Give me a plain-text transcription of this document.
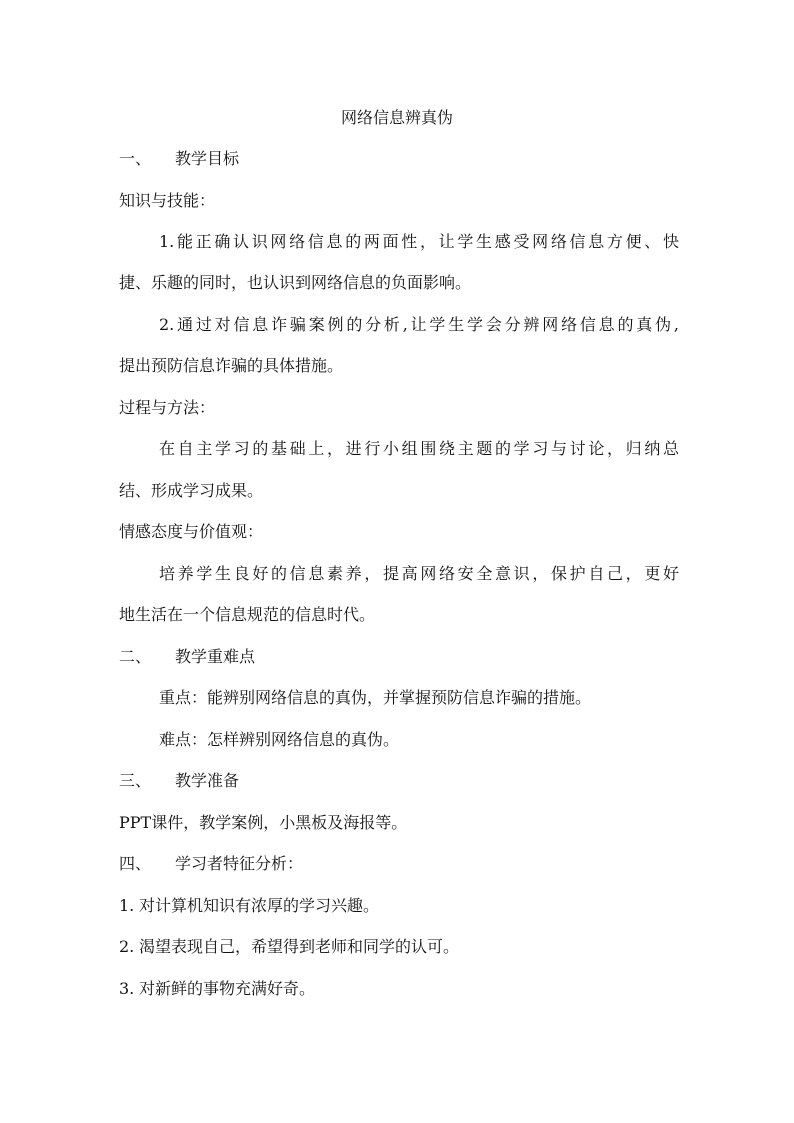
网络信息辨真伪
一、 教学目标
知识与技能：
1.能正确认识网络信息的两面性，让学生感受网络信息方便、快
捷、乐趣的同时，也认识到网络信息的负面影响。
2.通过对信息诈骗案例的分析,让学生学会分辨网络信息的真伪,
提出预防信息诈骗的具体措施。
过程与方法：
在自主学习的基础上，进行小组围绕主题的学习与讨论，归纳总
结、形成学习成果。
情感态度与价值观：
培养学生良好的信息素养，提高网络安全意识，保护自己，更好
地生活在一个信息规范的信息时代。
二、 教学重难点
重点：能辨别网络信息的真伪，并掌握预防信息诈骗的措施。
难点：怎样辨别网络信息的真伪。
三、 教学准备
PPT课件，教学案例，小黑板及海报等。
四、 学习者特征分析：
1. 对计算机知识有浓厚的学习兴趣。
2. 渴望表现自己，希望得到老师和同学的认可。
3. 对新鲜的事物充满好奇。
